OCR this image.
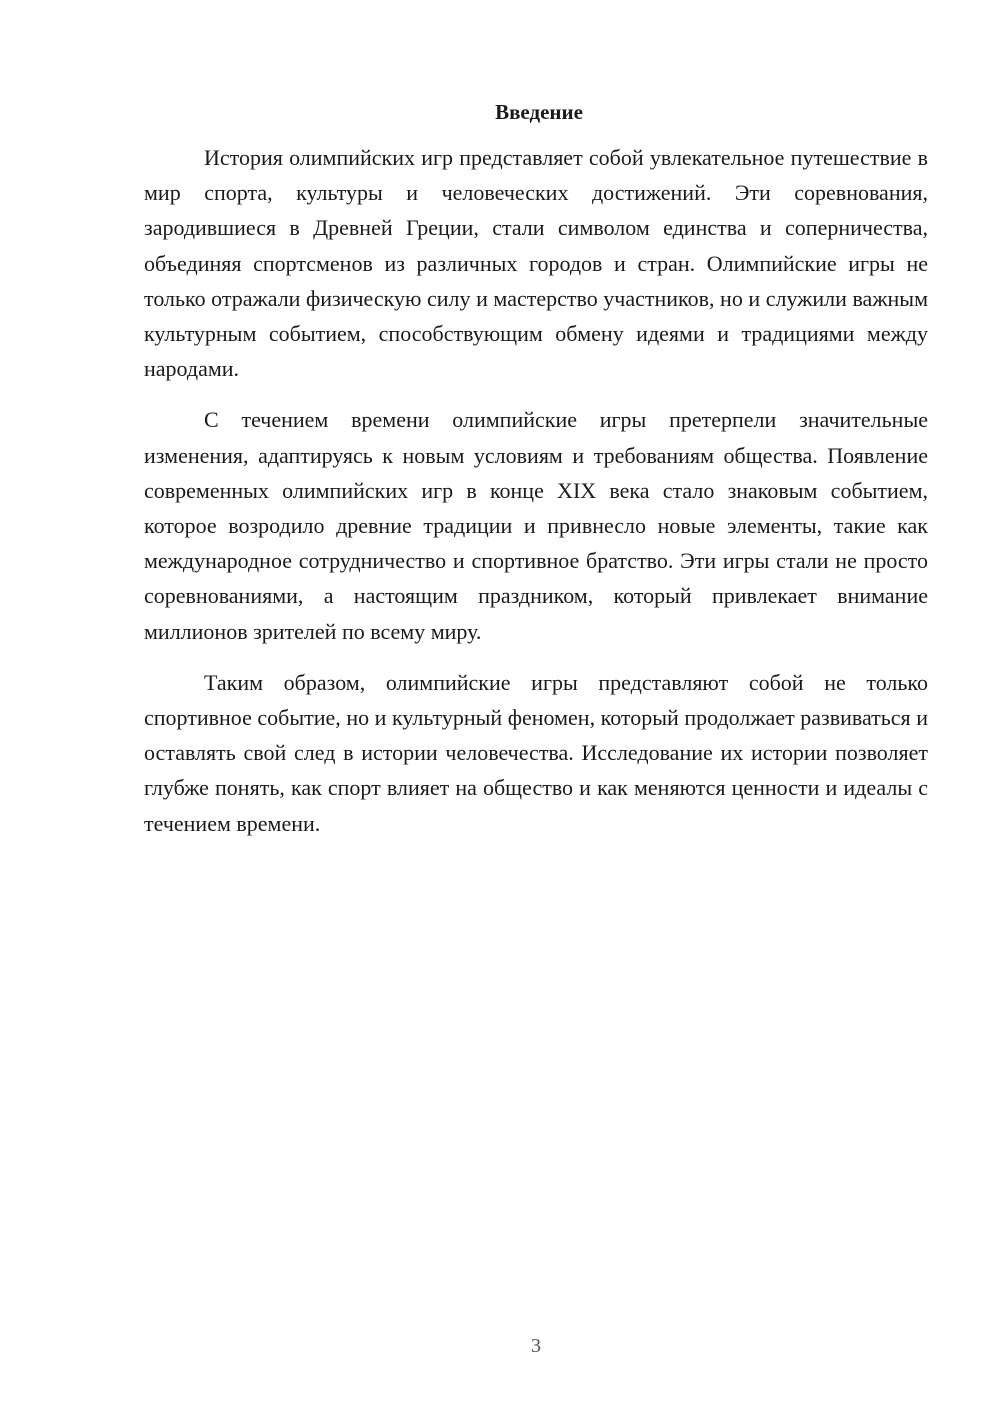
Введение

История олимпийских игр представляет собой увлекательное путешествие в мир спорта, культуры и человеческих достижений. Эти соревнования, зародившиеся в Древней Греции, стали символом единства и соперничества, объединяя спортсменов из различных городов и стран. Олимпийские игры не только отражали физическую силу и мастерство участников, но и служили важным культурным событием, способствующим обмену идеями и традициями между народами.

С течением времени олимпийские игры претерпели значительные изменения, адаптируясь к новым условиям и требованиям общества. Появление современных олимпийских игр в конце XIX века стало знаковым событием, которое возродило древние традиции и привнесло новые элементы, такие как международное сотрудничество и спортивное братство. Эти игры стали не просто соревнованиями, а настоящим праздником, который привлекает внимание миллионов зрителей по всему миру.

Таким образом, олимпийские игры представляют собой не только спортивное событие, но и культурный феномен, который продолжает развиваться и оставлять свой след в истории человечества. Исследование их истории позволяет глубже понять, как спорт влияет на общество и как меняются ценности и идеалы с течением времени.

3
